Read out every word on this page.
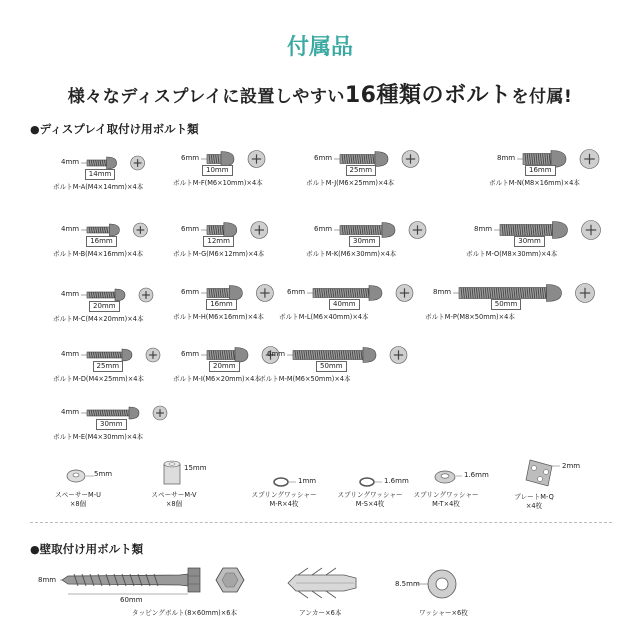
付属品
様々なディスプレイに設置しやすい16種類のボルトを付属!
●ディスプレイ取付け用ボルト類
4mm
14mm
ボルトM-A(M4×14mm)×4本
4mm
16mm
ボルトM-B(M4×16mm)×4本
4mm
20mm
ボルトM-C(M4×20mm)×4本
4mm
25mm
ボルトM-D(M4×25mm)×4本
4mm
30mm
ボルトM-E(M4×30mm)×4本
6mm
10mm
ボルトM-F(M6×10mm)×4本
6mm
12mm
ボルトM-G(M6×12mm)×4本
6mm
16mm
ボルトM-H(M6×16mm)×4本
6mm
20mm
ボルトM-I(M6×20mm)×4本
6mm
25mm
ボルトM-J(M6×25mm)×4本
6mm
30mm
ボルトM-K(M6×30mm)×4本
6mm
40mm
ボルトM-L(M6×40mm)×4本
6mm
50mm
ボルトM-M(M6×50mm)×4本
8mm
16mm
ボルトM-N(M8×16mm)×4本
8mm
30mm
ボルトM-O(M8×30mm)×4本
8mm
50mm
ボルトM-P(M8×50mm)×4本
5mm
スペーサーM-U
×8個
15mm
スペーサーM-V
×8個
1mm
スプリングワッシャー
M-R×4枚
1.6mm
スプリングワッシャー
M-S×4枚
1.6mm
スプリングワッシャー
M-T×4枚
2mm
プレートM-Q
×4枚
●壁取付け用ボルト類
8mm
60mm
タッピングボルト(8×60mm)×6本	アンカー×6本
8.5mm
ワッシャー×6枚
